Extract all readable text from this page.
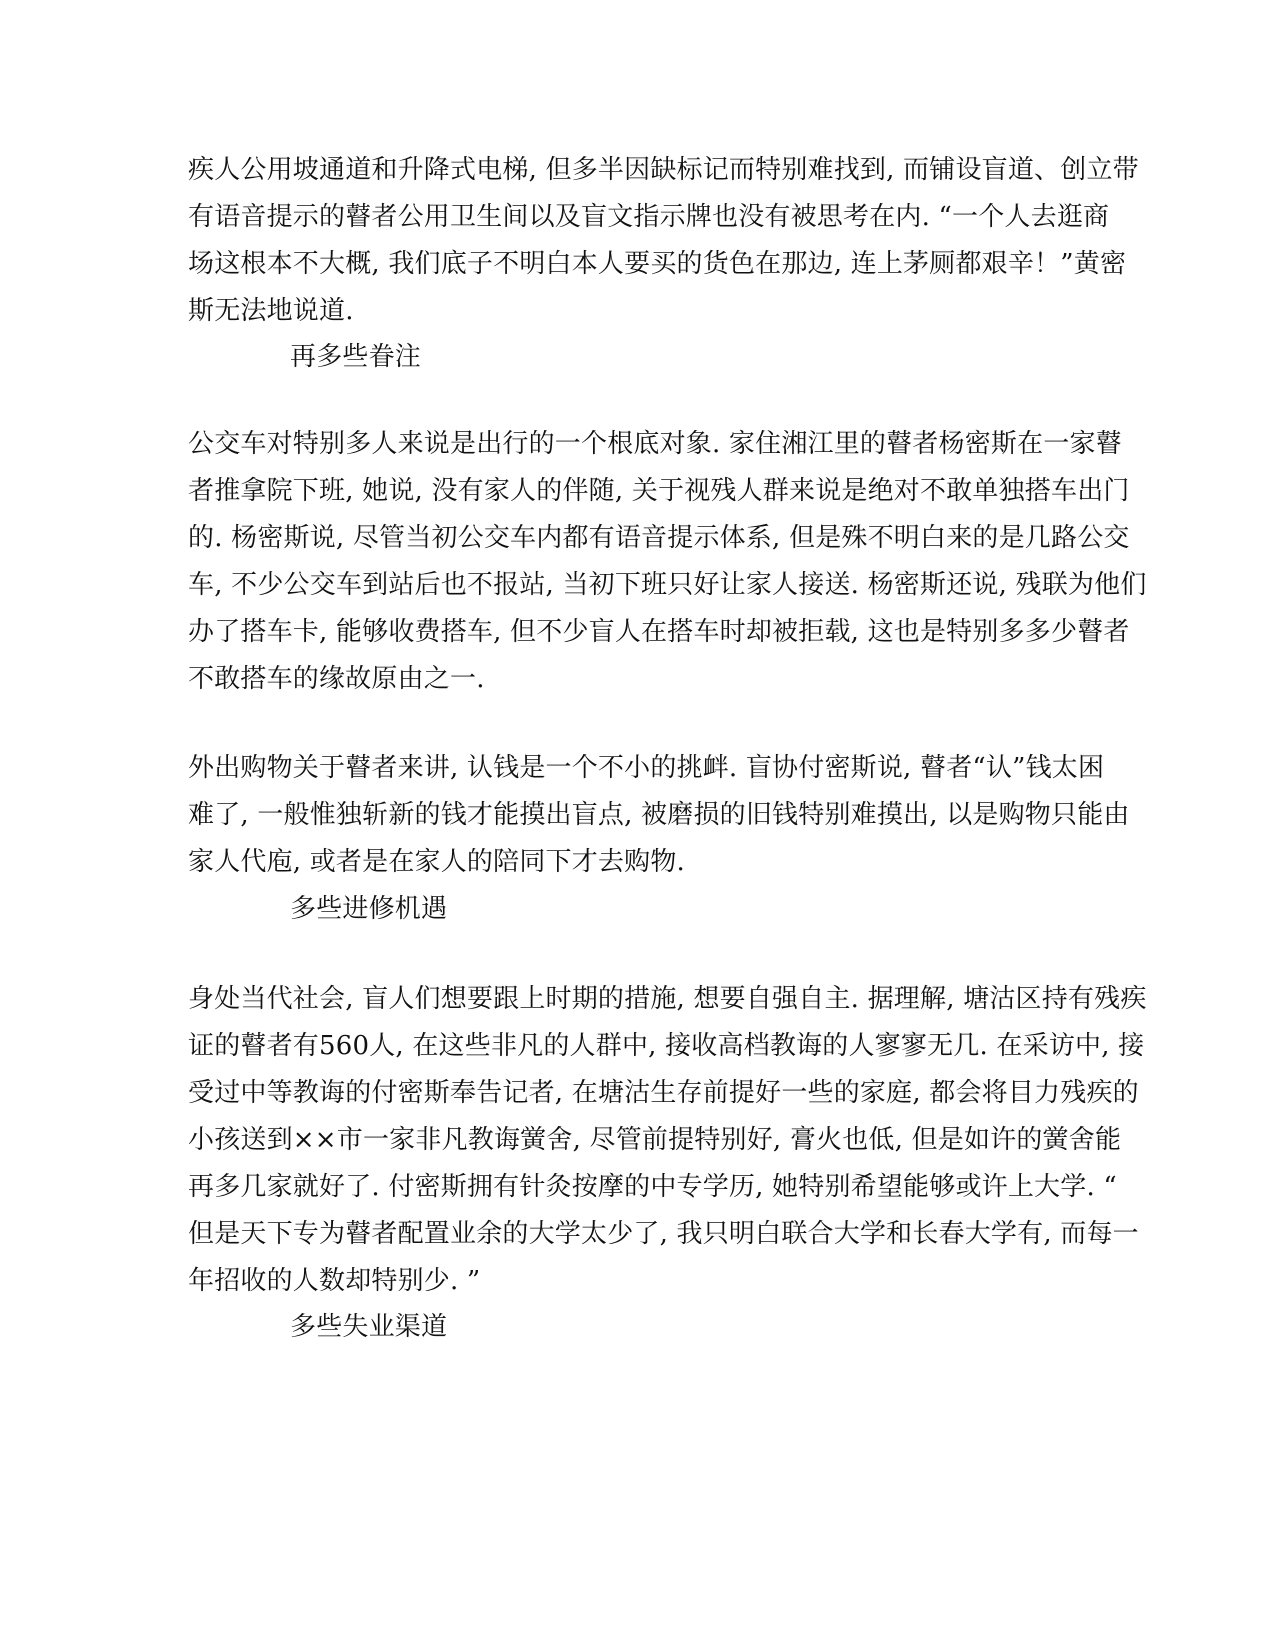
疾人公用坡通道和升降式电梯, 但多半因缺标记而特别难找到, 而铺设盲道、创立带
有语音提示的瞽者公用卫生间以及盲文指示牌也没有被思考在内. “一个人去逛商
场这根本不大概, 我们底子不明白本人要买的货色在那边, 连上茅厕都艰辛！”黄密
斯无法地说道.
再多些眷注
公交车对特别多人来说是出行的一个根底对象. 家住湘江里的瞽者杨密斯在一家瞽
者推拿院下班, 她说, 没有家人的伴随, 关于视残人群来说是绝对不敢单独搭车出门
的. 杨密斯说, 尽管当初公交车内都有语音提示体系, 但是殊不明白来的是几路公交
车, 不少公交车到站后也不报站, 当初下班只好让家人接送. 杨密斯还说, 残联为他们
办了搭车卡, 能够收费搭车, 但不少盲人在搭车时却被拒载, 这也是特别多多少瞽者
不敢搭车的缘故原由之一.
外出购物关于瞽者来讲, 认钱是一个不小的挑衅. 盲协付密斯说, 瞽者“认”钱太困
难了, 一般惟独斩新的钱才能摸出盲点, 被磨损的旧钱特别难摸出, 以是购物只能由
家人代庖, 或者是在家人的陪同下才去购物.
多些进修机遇
身处当代社会, 盲人们想要跟上时期的措施, 想要自强自主. 据理解, 塘沽区持有残疾
证的瞽者有560人, 在这些非凡的人群中, 接收高档教诲的人寥寥无几. 在采访中, 接
受过中等教诲的付密斯奉告记者, 在塘沽生存前提好一些的家庭, 都会将目力残疾的
小孩送到××市一家非凡教诲黉舍, 尽管前提特别好, 膏火也低, 但是如许的黉舍能
再多几家就好了. 付密斯拥有针灸按摩的中专学历, 她特别希望能够或许上大学. “
但是天下专为瞽者配置业余的大学太少了, 我只明白联合大学和长春大学有, 而每一
年招收的人数却特别少. ”
多些失业渠道
